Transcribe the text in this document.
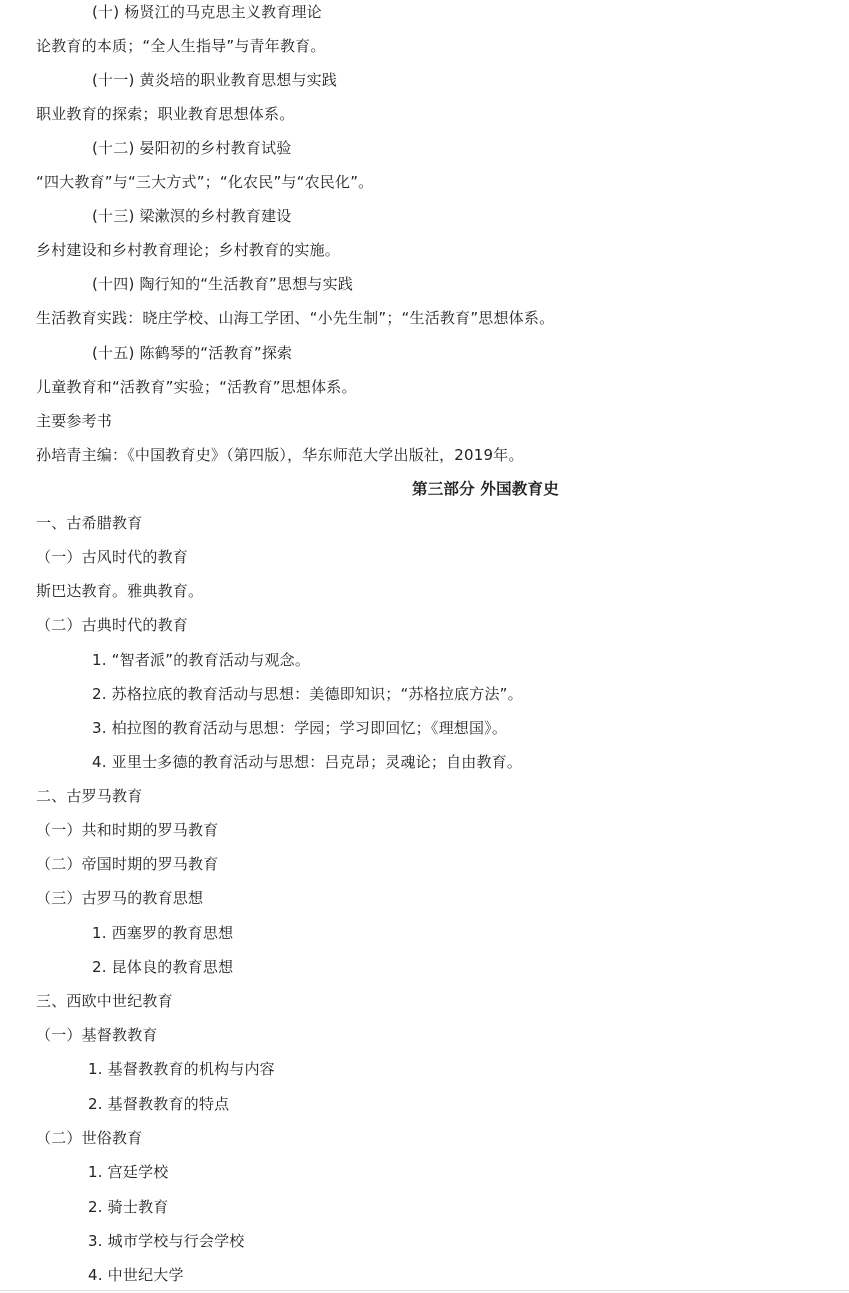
(十) 杨贤江的马克思主义教育理论
论教育的本质；“全人生指导”与青年教育。
(十一) 黄炎培的职业教育思想与实践
职业教育的探索；职业教育思想体系。
(十二) 晏阳初的乡村教育试验
“四大教育”与“三大方式”；“化农民”与“农民化”。
(十三) 梁漱溟的乡村教育建设
乡村建设和乡村教育理论；乡村教育的实施。
(十四) 陶行知的“生活教育”思想与实践
生活教育实践：晓庄学校、山海工学团、“小先生制”；“生活教育”思想体系。
(十五) 陈鹤琴的“活教育”探索
儿童教育和“活教育”实验；“活教育”思想体系。
主要参考书
孙培青主编：《中国教育史》（第四版），华东师范大学出版社，2019年。
第三部分 外国教育史
一、古希腊教育
（一）古风时代的教育
斯巴达教育。雅典教育。
（二）古典时代的教育
1. “智者派”的教育活动与观念。
2. 苏格拉底的教育活动与思想：美德即知识；“苏格拉底方法”。
3. 柏拉图的教育活动与思想：学园；学习即回忆；《理想国》。
4. 亚里士多德的教育活动与思想：吕克昂；灵魂论；自由教育。
二、古罗马教育
（一）共和时期的罗马教育
（二）帝国时期的罗马教育
（三）古罗马的教育思想
1. 西塞罗的教育思想
2. 昆体良的教育思想
三、西欧中世纪教育
（一）基督教教育
1. 基督教教育的机构与内容
2. 基督教教育的特点
（二）世俗教育
1. 宫廷学校
2. 骑士教育
3. 城市学校与行会学校
4. 中世纪大学
